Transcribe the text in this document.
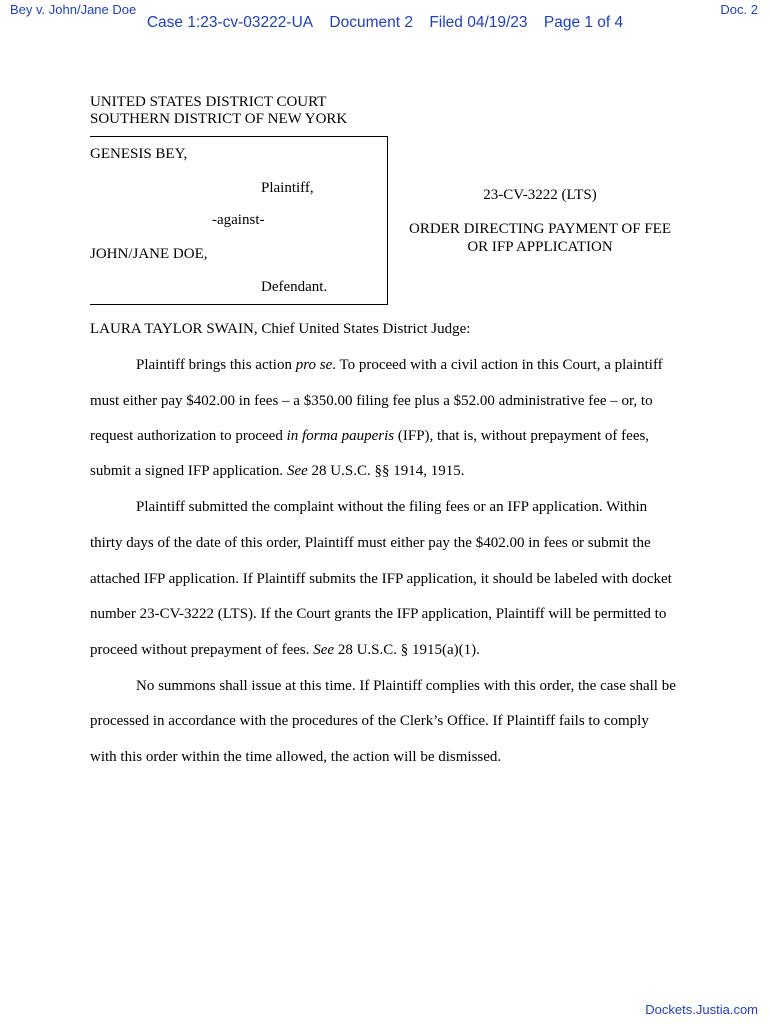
Bey v. John/Jane Doe	Doc. 2
Case 1:23-cv-03222-UA Document 2 Filed 04/19/23 Page 1 of 4
UNITED STATES DISTRICT COURT
SOUTHERN DISTRICT OF NEW YORK
GENESIS BEY,
Plaintiff,
-against-
JOHN/JANE DOE,
Defendant.
23-CV-3222 (LTS)
ORDER DIRECTING PAYMENT OF FEE
OR IFP APPLICATION
LAURA TAYLOR SWAIN, Chief United States District Judge:
Plaintiff brings this action pro se. To proceed with a civil action in this Court, a plaintiff
must either pay $402.00 in fees – a $350.00 filing fee plus a $52.00 administrative fee – or, to
request authorization to proceed in forma pauperis (IFP), that is, without prepayment of fees,
submit a signed IFP application. See 28 U.S.C. §§ 1914, 1915.
Plaintiff submitted the complaint without the filing fees or an IFP application. Within
thirty days of the date of this order, Plaintiff must either pay the $402.00 in fees or submit the
attached IFP application. If Plaintiff submits the IFP application, it should be labeled with docket
number 23-CV-3222 (LTS). If the Court grants the IFP application, Plaintiff will be permitted to
proceed without prepayment of fees. See 28 U.S.C. § 1915(a)(1).
No summons shall issue at this time. If Plaintiff complies with this order, the case shall be
processed in accordance with the procedures of the Clerk’s Office. If Plaintiff fails to comply
with this order within the time allowed, the action will be dismissed.
Dockets.Justia.com
